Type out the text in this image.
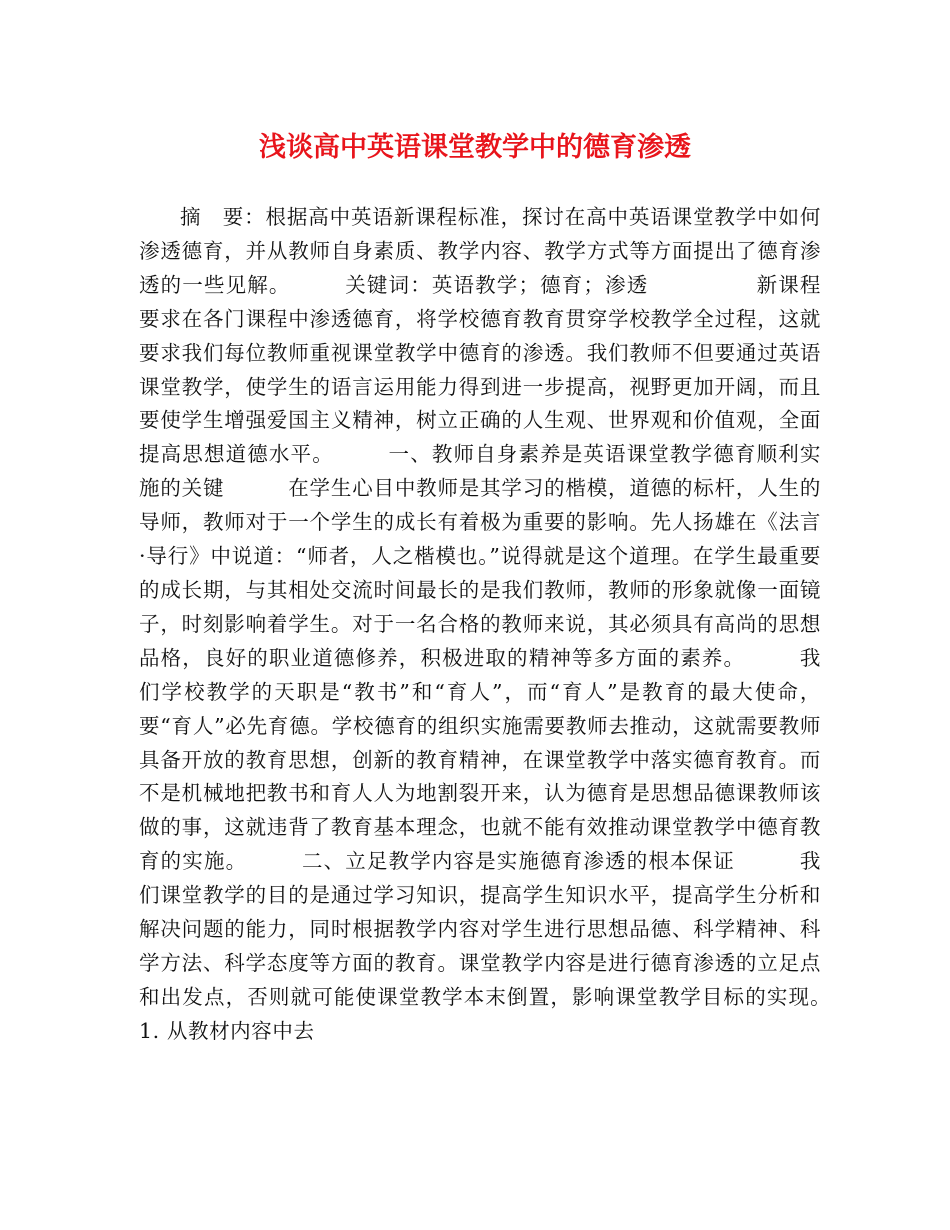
浅谈高中英语课堂教学中的德育渗透

摘　要：根据高中英语新课程标准，探讨在高中英语课堂教学中如何渗透德育，并从教师自身素质、教学内容、教学方式等方面提出了德育渗透的一些见解。　　　关键词：英语教学；德育；渗透　　　　　新课程要求在各门课程中渗透德育，将学校德育教育贯穿学校教学全过程，这就要求我们每位教师重视课堂教学中德育的渗透。我们教师不但要通过英语课堂教学，使学生的语言运用能力得到进一步提高，视野更加开阔，而且要使学生增强爱国主义精神，树立正确的人生观、世界观和价值观，全面提高思想道德水平。　　　一、教师自身素养是英语课堂教学德育顺利实施的关键　　　在学生心目中教师是其学习的楷模，道德的标杆，人生的导师，教师对于一个学生的成长有着极为重要的影响。先人扬雄在《法言·导行》中说道：“师者，人之楷模也。”说得就是这个道理。在学生最重要的成长期，与其相处交流时间最长的是我们教师，教师的形象就像一面镜子，时刻影响着学生。对于一名合格的教师来说，其必须具有高尚的思想品格，良好的职业道德修养，积极进取的精神等多方面的素养。　　　我们学校教学的天职是“教书”和“育人”，而“育人”是教育的最大使命，要“育人”必先育德。学校德育的组织实施需要教师去推动，这就需要教师具备开放的教育思想，创新的教育精神，在课堂教学中落实德育教育。而不是机械地把教书和育人人为地割裂开来，认为德育是思想品德课教师该做的事，这就违背了教育基本理念，也就不能有效推动课堂教学中德育教育的实施。　　　二、立足教学内容是实施德育渗透的根本保证　　　我们课堂教学的目的是通过学习知识，提高学生知识水平，提高学生分析和解决问题的能力，同时根据教学内容对学生进行思想品德、科学精神、科学方法、科学态度等方面的教育。课堂教学内容是进行德育渗透的立足点和出发点，否则就可能使课堂教学本末倒置，影响课堂教学目标的实现。　　　1. 从教材内容中去
